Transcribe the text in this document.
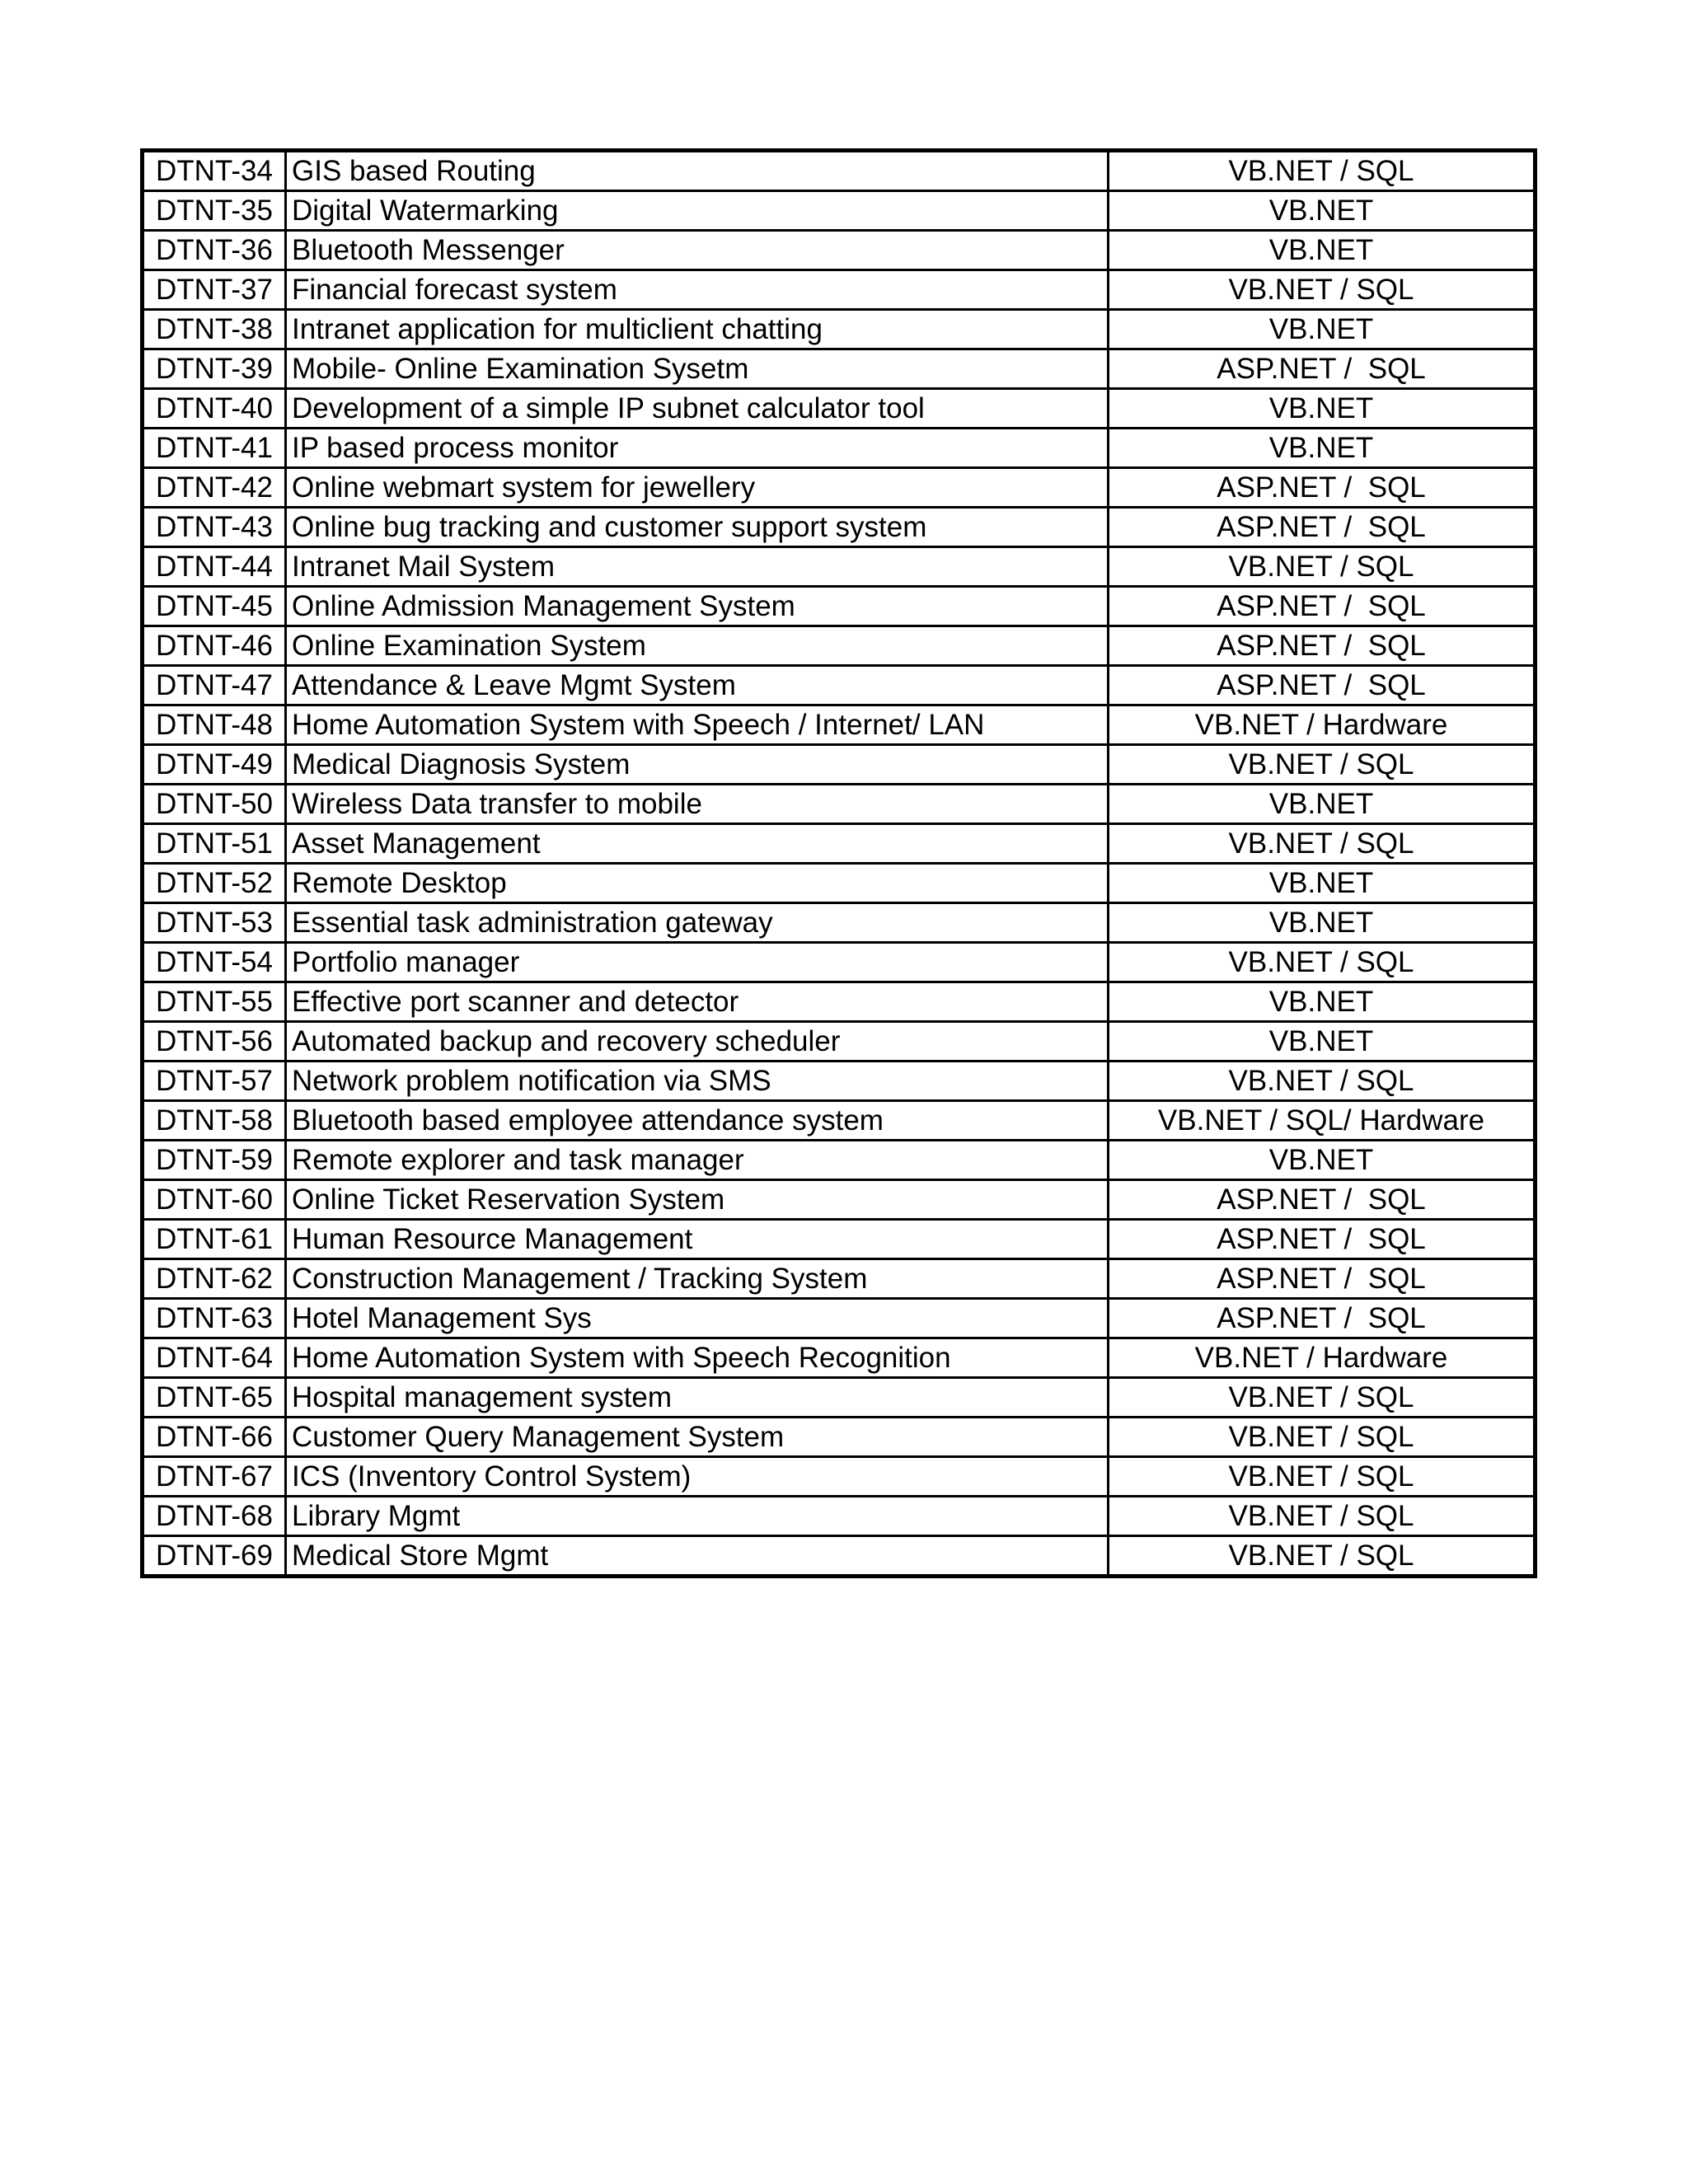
DTNT-34	GIS based Routing	VB.NET / SQL
DTNT-35	Digital Watermarking	VB.NET
DTNT-36	Bluetooth Messenger	VB.NET
DTNT-37	Financial forecast system	VB.NET / SQL
DTNT-38	Intranet application for multiclient chatting	VB.NET
DTNT-39	Mobile- Online Examination Sysetm	ASP.NET /  SQL
DTNT-40	Development of a simple IP subnet calculator tool	VB.NET
DTNT-41	IP based process monitor	VB.NET
DTNT-42	Online webmart system for jewellery	ASP.NET /  SQL
DTNT-43	Online bug tracking and customer support system	ASP.NET /  SQL
DTNT-44	Intranet Mail System	VB.NET / SQL
DTNT-45	Online Admission Management System	ASP.NET /  SQL
DTNT-46	Online Examination System	ASP.NET /  SQL
DTNT-47	Attendance & Leave Mgmt System	ASP.NET /  SQL
DTNT-48	Home Automation System with Speech / Internet/ LAN	VB.NET / Hardware
DTNT-49	Medical Diagnosis System	VB.NET / SQL
DTNT-50	Wireless Data transfer to mobile	VB.NET
DTNT-51	Asset Management	VB.NET / SQL
DTNT-52	Remote Desktop	VB.NET
DTNT-53	Essential task administration gateway	VB.NET
DTNT-54	Portfolio manager	VB.NET / SQL
DTNT-55	Effective port scanner and detector	VB.NET
DTNT-56	Automated backup and recovery scheduler	VB.NET
DTNT-57	Network problem notification via SMS	VB.NET / SQL
DTNT-58	Bluetooth based employee attendance system	VB.NET / SQL/ Hardware
DTNT-59	Remote explorer and task manager	VB.NET
DTNT-60	Online Ticket Reservation System	ASP.NET /  SQL
DTNT-61	Human Resource Management	ASP.NET /  SQL
DTNT-62	Construction Management / Tracking System	ASP.NET /  SQL
DTNT-63	Hotel Management Sys	ASP.NET /  SQL
DTNT-64	Home Automation System with Speech Recognition	VB.NET / Hardware
DTNT-65	Hospital management system	VB.NET / SQL
DTNT-66	Customer Query Management System	VB.NET / SQL
DTNT-67	ICS (Inventory Control System)	VB.NET / SQL
DTNT-68	Library Mgmt	VB.NET / SQL
DTNT-69	Medical Store Mgmt	VB.NET / SQL
